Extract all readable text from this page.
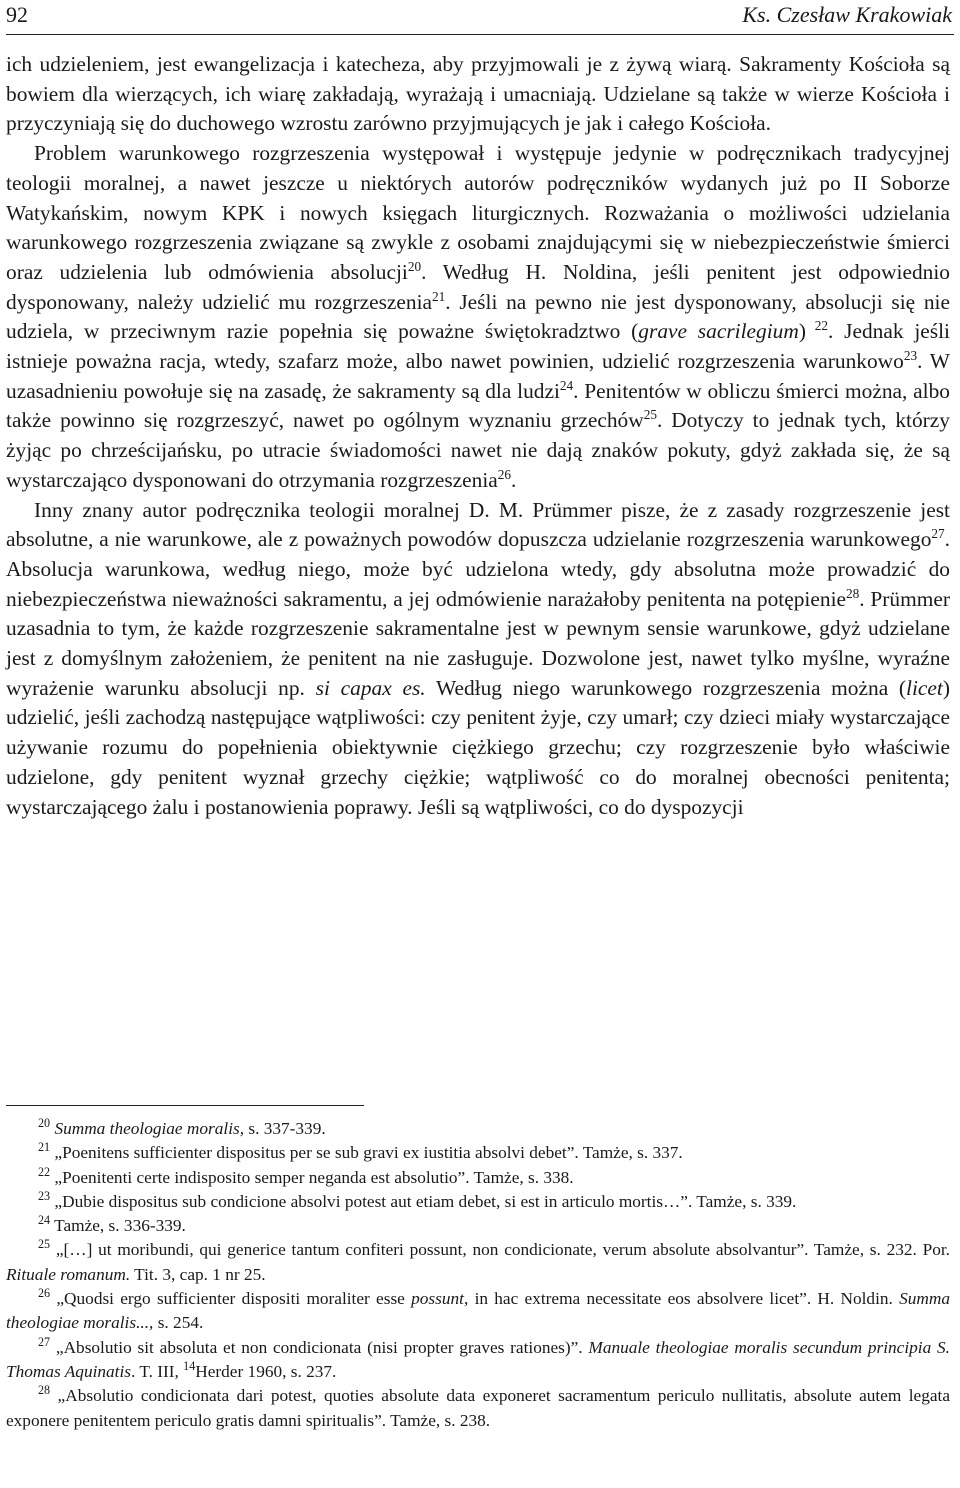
92	Ks. Czesław Krakowiak

ich udzieleniem, jest ewangelizacja i katecheza, aby przyjmowali je z żywą wiarą. Sakramenty Kościoła są bowiem dla wierzących, ich wiarę zakładają, wyrażają i umacniają. Udzielane są także w wierze Kościoła i przyczyniają się do duchowego wzrostu zarówno przyjmujących je jak i całego Kościoła.

Problem warunkowego rozgrzeszenia występował i występuje jedynie w podręcznikach tradycyjnej teologii moralnej, a nawet jeszcze u niektórych autorów podręczników wydanych już po II Soborze Watykańskim, nowym KPK i nowych księgach liturgicznych. Rozważania o możliwości udzielania warunkowego rozgrzeszenia związane są zwykle z osobami znajdującymi się w niebezpieczeństwie śmierci oraz udzielenia lub odmówienia absolucji$^{20}$. Według H. Noldina, jeśli penitent jest odpowiednio dysponowany, należy udzielić mu rozgrzeszenia$^{21}$. Jeśli na pewno nie jest dysponowany, absolucji się nie udziela, w przeciwnym razie popełnia się poważne świętokradztwo (grave sacrilegium) $^{22}$. Jednak jeśli istnieje poważna racja, wtedy, szafarz może, albo nawet powinien, udzielić rozgrzeszenia warunkowo$^{23}$. W uzasadnieniu powołuje się na zasadę, że sakramenty są dla ludzi$^{24}$. Penitentów w obliczu śmierci można, albo także powinno się rozgrzeszyć, nawet po ogólnym wyznaniu grzechów$^{25}$. Dotyczy to jednak tych, którzy żyjąc po chrześcijańsku, po utracie świadomości nawet nie dają znaków pokuty, gdyż zakłada się, że są wystarczająco dysponowani do otrzymania rozgrzeszenia$^{26}$.

Inny znany autor podręcznika teologii moralnej D. M. Prümmer pisze, że z zasady rozgrzeszenie jest absolutne, a nie warunkowe, ale z poważnych powodów dopuszcza udzielanie rozgrzeszenia warunkowego$^{27}$. Absolucja warunkowa, według niego, może być udzielona wtedy, gdy absolutna może prowadzić do niebezpieczeństwa nieważności sakramentu, a jej odmówienie narażałoby penitenta na potępienie$^{28}$. Prümmer uzasadnia to tym, że każde rozgrzeszenie sakramentalne jest w pewnym sensie warunkowe, gdyż udzielane jest z domyślnym założeniem, że penitent na nie zasługuje. Dozwolone jest, nawet tylko myślne, wyraźne wyrażenie warunku absolucji np. si capax es. Według niego warunkowego rozgrzeszenia można (licet) udzielić, jeśli zachodzą następujące wątpliwości: czy penitent żyje, czy umarł; czy dzieci miały wystarczające używanie rozumu do popełnienia obiektywnie ciężkiego grzechu; czy rozgrzeszenie było właściwie udzielone, gdy penitent wyznał grzechy ciężkie; wątpliwość co do moralnej obecności penitenta; wystarczającego żalu i postanowienia poprawy. Jeśli są wątpliwości, co do dyspozycji

$^{20}$ Summa theologiae moralis, s. 337-339.

$^{21}$ „Poenitens sufficienter dispositus per se sub gravi ex iustitia absolvi debet”. Tamże, s. 337.

$^{22}$ „Poenitenti certe indisposito semper neganda est absolutio”. Tamże, s. 338.

$^{23}$ „Dubie dispositus sub condicione absolvi potest aut etiam debet, si est in articulo mortis…”. Tamże, s. 339.

$^{24}$ Tamże, s. 336-339.

$^{25}$ „[…] ut moribundi, qui generice tantum confiteri possunt, non condicionate, verum absolute absolvantur”. Tamże, s. 232. Por. Rituale romanum. Tit. 3, cap. 1 nr 25.

$^{26}$ „Quodsi ergo sufficienter dispositi moraliter esse possunt, in hac extrema necessitate eos absolvere licet”. H. Noldin. Summa theologiae moralis..., s. 254.

$^{27}$ „Absolutio sit absoluta et non condicionata (nisi propter graves rationes)”. Manuale theologiae moralis secundum principia S. Thomas Aquinatis. T. III, $^{14}$Herder 1960, s. 237.

$^{28}$ „Absolutio condicionata dari potest, quoties absolute data exponeret sacramentum periculo nullitatis, absolute autem legata exponere penitentem periculo gratis damni spiritualis”. Tamże, s. 238.
